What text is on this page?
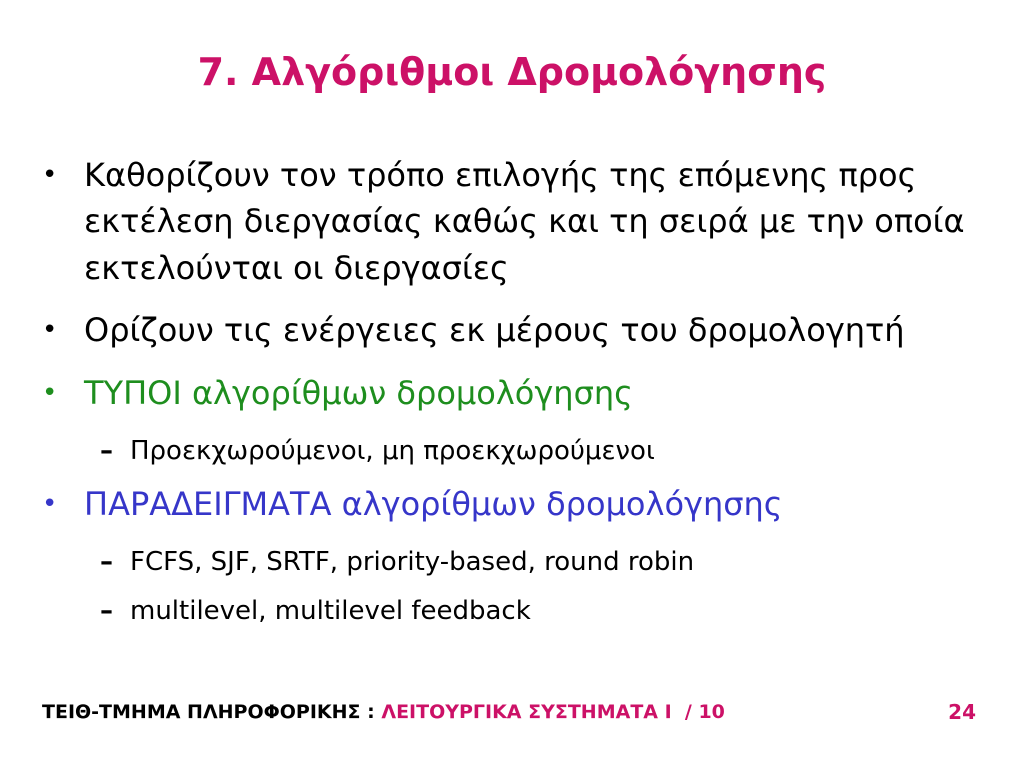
7. Αλγόριθμοι Δρομολόγησης
• Καθορίζουν τον τρόπο επιλογής της επόμενης προς εκτέλεση διεργασίας καθώς και τη σειρά με την οποία εκτελούνται οι διεργασίες
• Ορίζουν τις ενέργειες εκ μέρους του δρομολογητή
• ΤΥΠΟΙ αλγορίθμων δρομολόγησης
– Προεκχωρούμενοι, μη προεκχωρούμενοι
• ΠΑΡΑΔΕΙΓΜΑΤΑ αλγορίθμων δρομολόγησης
– FCFS, SJF, SRTF, priority-based, round robin
– multilevel, multilevel feedback
ΤΕΙΘ-ΤΜΗΜΑ ΠΛΗΡΟΦΟΡΙΚΗΣ : ΛΕΙΤΟΥΡΓΙΚΑ ΣΥΣΤΗΜΑΤΑ Ι  / 10	24
